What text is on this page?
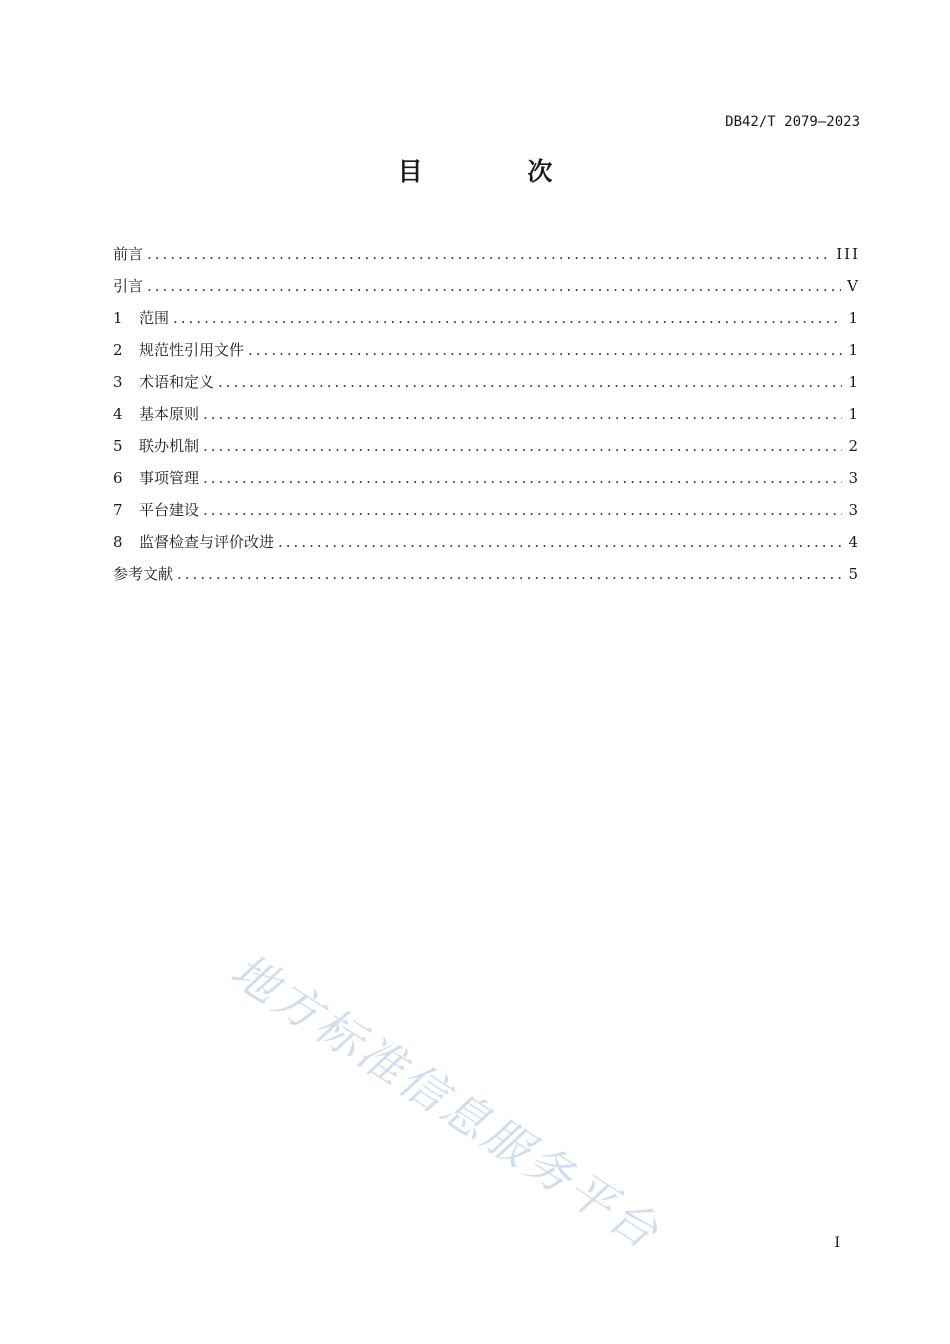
DB42/T 2079—2023
目 次
前言 .....	III
引言 .....	V
1	范围 .....	1
2	规范性引用文件 .....	1
3	术语和定义 .....	1
4	基本原则 .....	1
5	联办机制 .....	2
6	事项管理 .....	3
7	平台建设 .....	3
8	监督检查与评价改进 .....	4
参考文献 .....	5
地方标准信息服务平台	I
